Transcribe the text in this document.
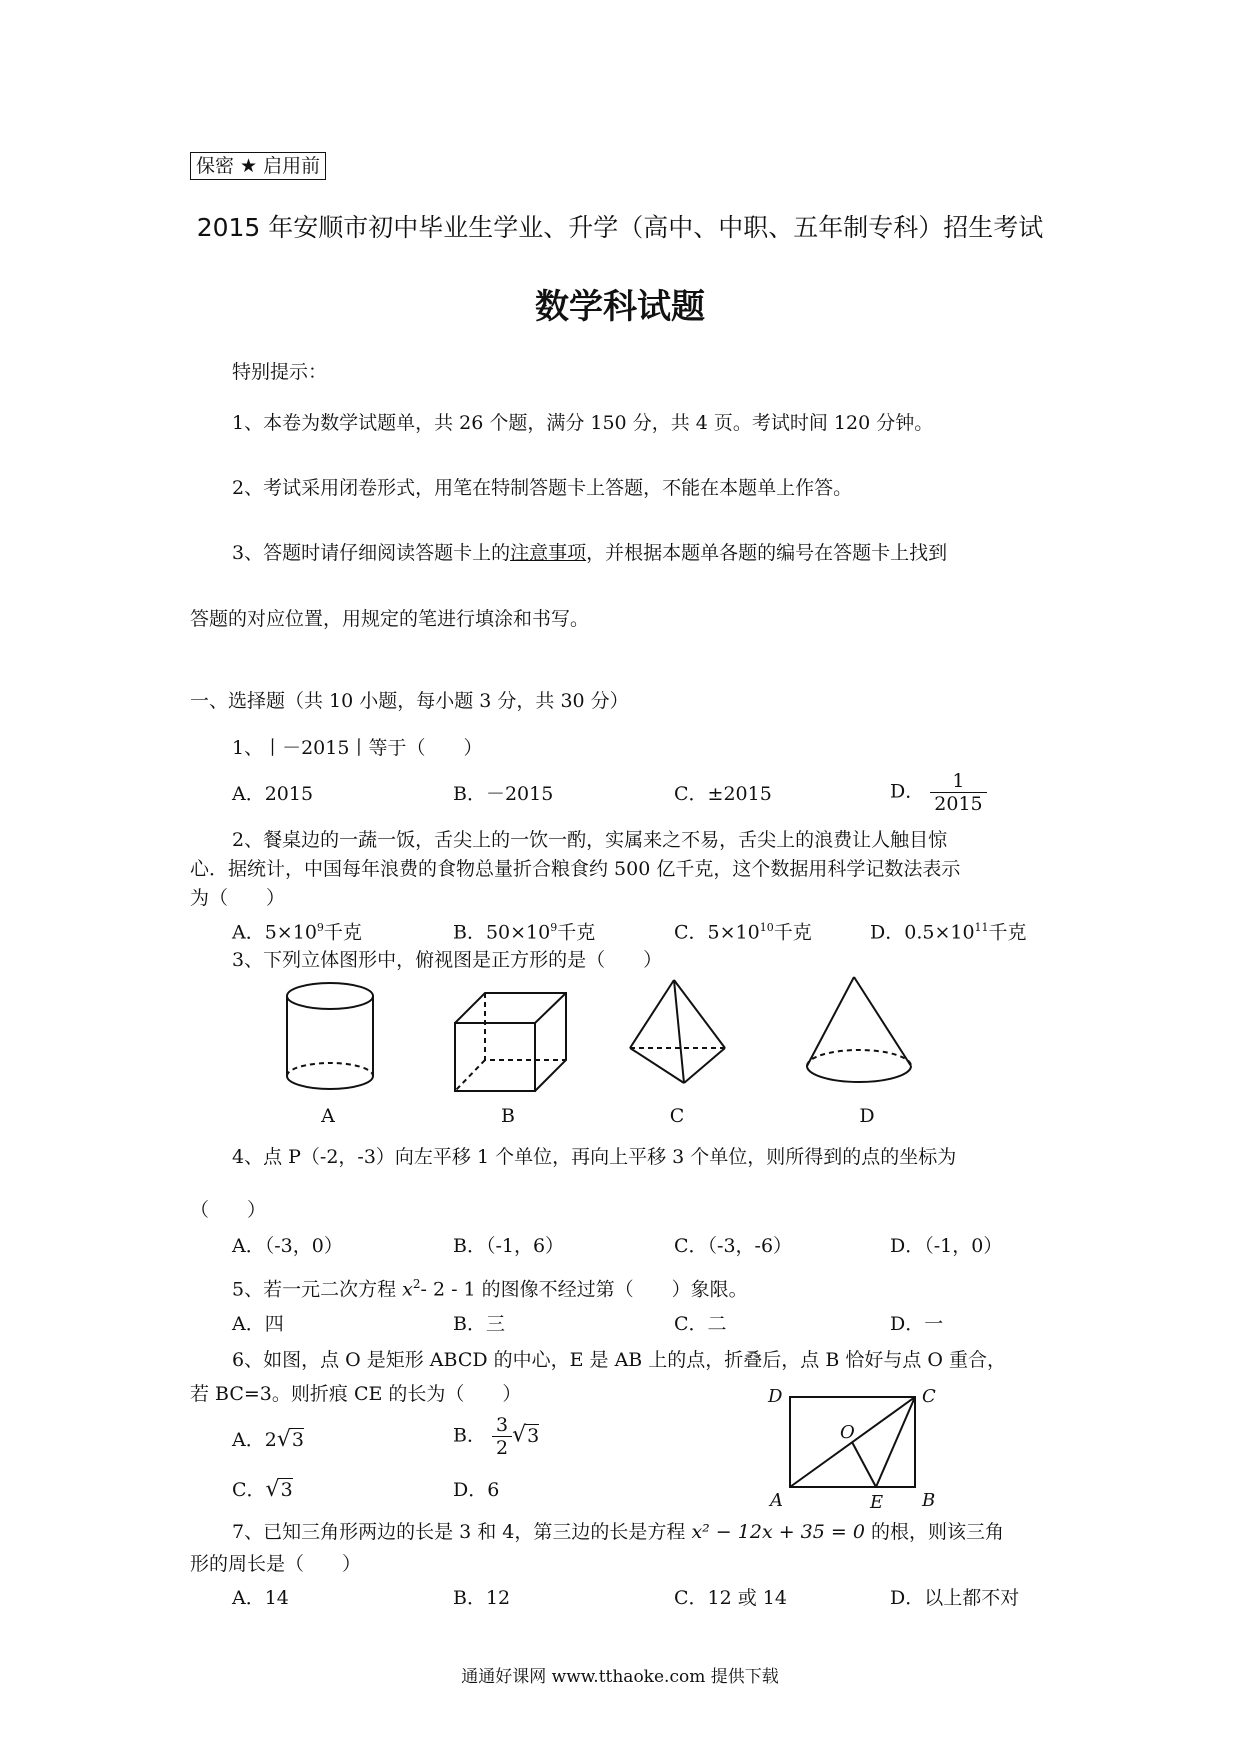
保密 ★ 启用前
2015 年安顺市初中毕业生学业、升学（高中、中职、五年制专科）招生考试
数学科试题
特别提示：
1、本卷为数学试题单，共 26 个题，满分 150 分，共 4 页。考试时间 120 分钟。
2、考试采用闭卷形式，用笔在特制答题卡上答题，不能在本题单上作答。
3、答题时请仔细阅读答题卡上的注意事项，并根据本题单各题的编号在答题卡上找到
答题的对应位置，用规定的笔进行填涂和书写。
一、选择题（共 10 小题，每小题 3 分，共 30 分）
1、丨－2015丨等于（　　）
A．2015	B．－2015	C．±2015	D． $\frac{1}{2015}$
2、餐桌边的一蔬一饭，舌尖上的一饮一酌，实属来之不易，舌尖上的浪费让人触目惊
心．据统计，中国每年浪费的食物总量折合粮食约 500 亿千克，这个数据用科学记数法表示
为（　　）
A．$5\times 10^9$千克	B．$50\times 10^9$千克	C．$5\times 10^{10}$千克	D．$0.5\times 10^{11}$千克
3、下列立体图形中，俯视图是正方形的是（　　）
A	B	C	D
4、点 P（-2，-3）向左平移 1 个单位，再向上平移 3 个单位，则所得到的点的坐标为
（　　）
A．（-3，0）	B．（-1，6）	C．（-3，-6）	D．（-1，0）
5、若一元二次方程 $x^2-$ 2 - 1 的图像不经过第（　　）象限。
A．四	B．三	C．二	D．一
6、如图，点 O 是矩形 ABCD 的中心，E 是 AB 上的点，折叠后，点 B 恰好与点 O 重合，
若 BC=3。则折痕 CE 的长为（　　）
A．2√3	B． $\frac{3}{2} √3$
C．√3	D．6
D	C
O
A	B
E
7、已知三角形两边的长是 3 和 4，第三边的长是方程 x² − 12x + 35 = 0 的根，则该三角
形的周长是（　　）
A．14	B．12	C．12 或 14	D．以上都不对
通通好课网 www.tthaoke.com 提供下载
